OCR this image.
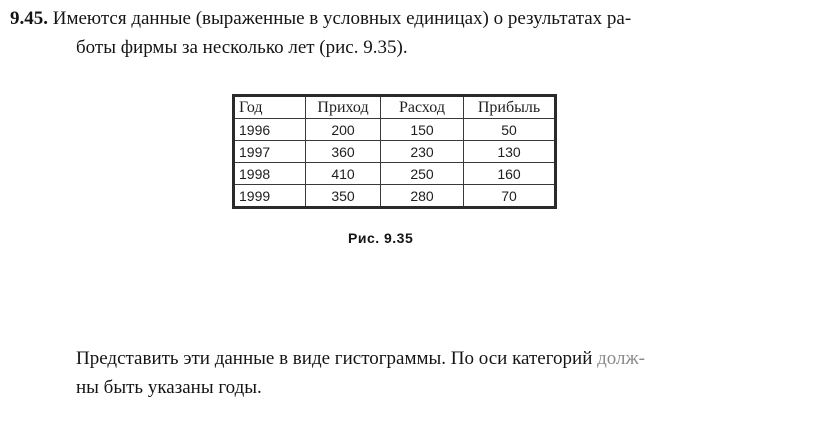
9.45. Имеются данные (выраженные в условных единицах) о результатах ра-
боты фирмы за несколько лет (рис. 9.35).
Год	Приход	Расход	Прибыль
1996	200	150	50
1997	360	230	130
1998	410	250	160
1999	350	280	70
Рис. 9.35
Представить эти данные в виде гистограммы. По оси категорий долж-
ны быть указаны годы.
